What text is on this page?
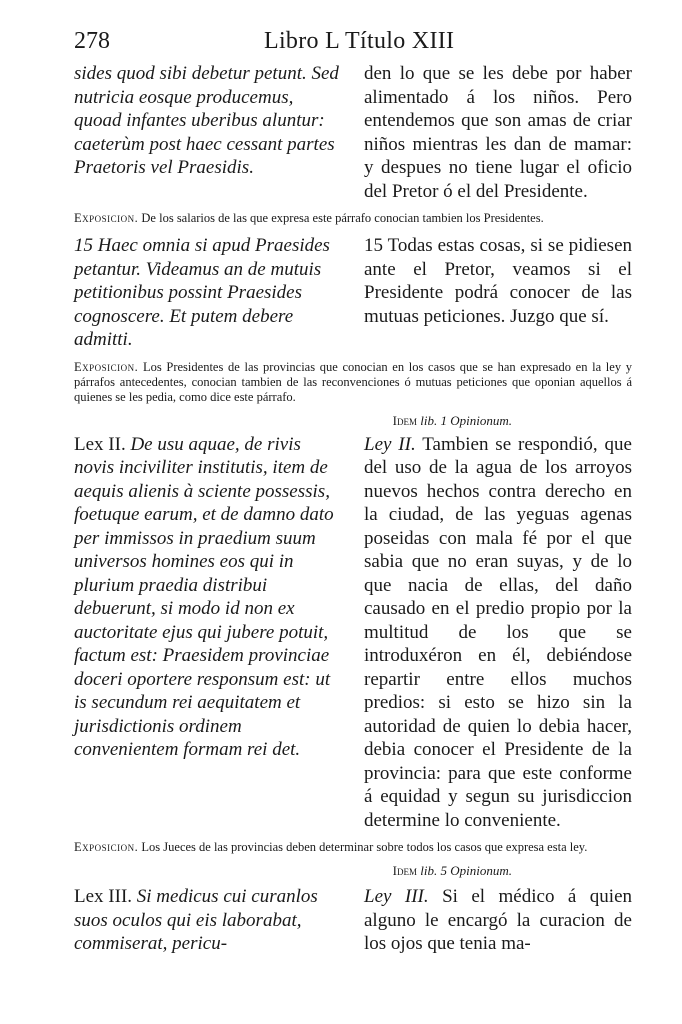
278	Libro L Título XIII

sides quod sibi debetur petunt. Sed nutricia eosque producemus, quoad infantes uberibus aluntur: caeterùm post haec cessant partes Praetoris vel Praesidis.

den lo que se les debe por haber alimentado á los niños. Pero entendemos que son amas de criar niños mientras les dan de mamar: y despues no tiene lugar el oficio del Pretor ó el del Presidente.

Exposicion. De los salarios de las que expresa este párrafo conocian tambien los Presidentes.

15 Haec omnia si apud Praesides petantur. Videamus an de mutuis petitionibus possint Praesides cognoscere. Et putem debere admitti.

15 Todas estas cosas, si se pidiesen ante el Pretor, veamos si el Presidente podrá conocer de las mutuas peticiones. Juzgo que sí.

Exposicion. Los Presidentes de las provincias que conocian en los casos que se han expresado en la ley y párrafos antecedentes, conocian tambien de las reconvenciones ó mutuas peticiones que oponian aquellos á quienes se les pedia, como dice este párrafo.
Idem lib. 1 Opinionum.

Lex II. De usu aquae, de rivis novis inciviliter institutis, item de aequis alienis à sciente possessis, foetuque earum, et de damno dato per immissos in praedium suum universos homines eos qui in plurium praedia distribui debuerunt, si modo id non ex auctoritate ejus qui jubere potuit, factum est: Praesidem provinciae doceri oportere responsum est: ut is secundum rei aequitatem et jurisdictionis ordinem convenientem formam rei det.

Ley II. Tambien se respondió, que del uso de la agua de los arroyos nuevos hechos contra derecho en la ciudad, de las yeguas agenas poseidas con mala fé por el que sabia que no eran suyas, y de lo que nacia de ellas, del daño causado en el predio propio por la multitud de los que se introduxéron en él, debiéndose repartir entre ellos muchos predios: si esto se hizo sin la autoridad de quien lo debia hacer, debia conocer el Presidente de la provincia: para que este conforme á equidad y segun su jurisdiccion determine lo conveniente.

Exposicion. Los Jueces de las provincias deben determinar sobre todos los casos que expresa esta ley.
Idem lib. 5 Opinionum.

Lex III. Si medicus cui curanlos suos oculos qui eis laborabat, commiserat, pericu-

Ley III. Si el médico á quien alguno le encargó la curacion de los ojos que tenia ma-
